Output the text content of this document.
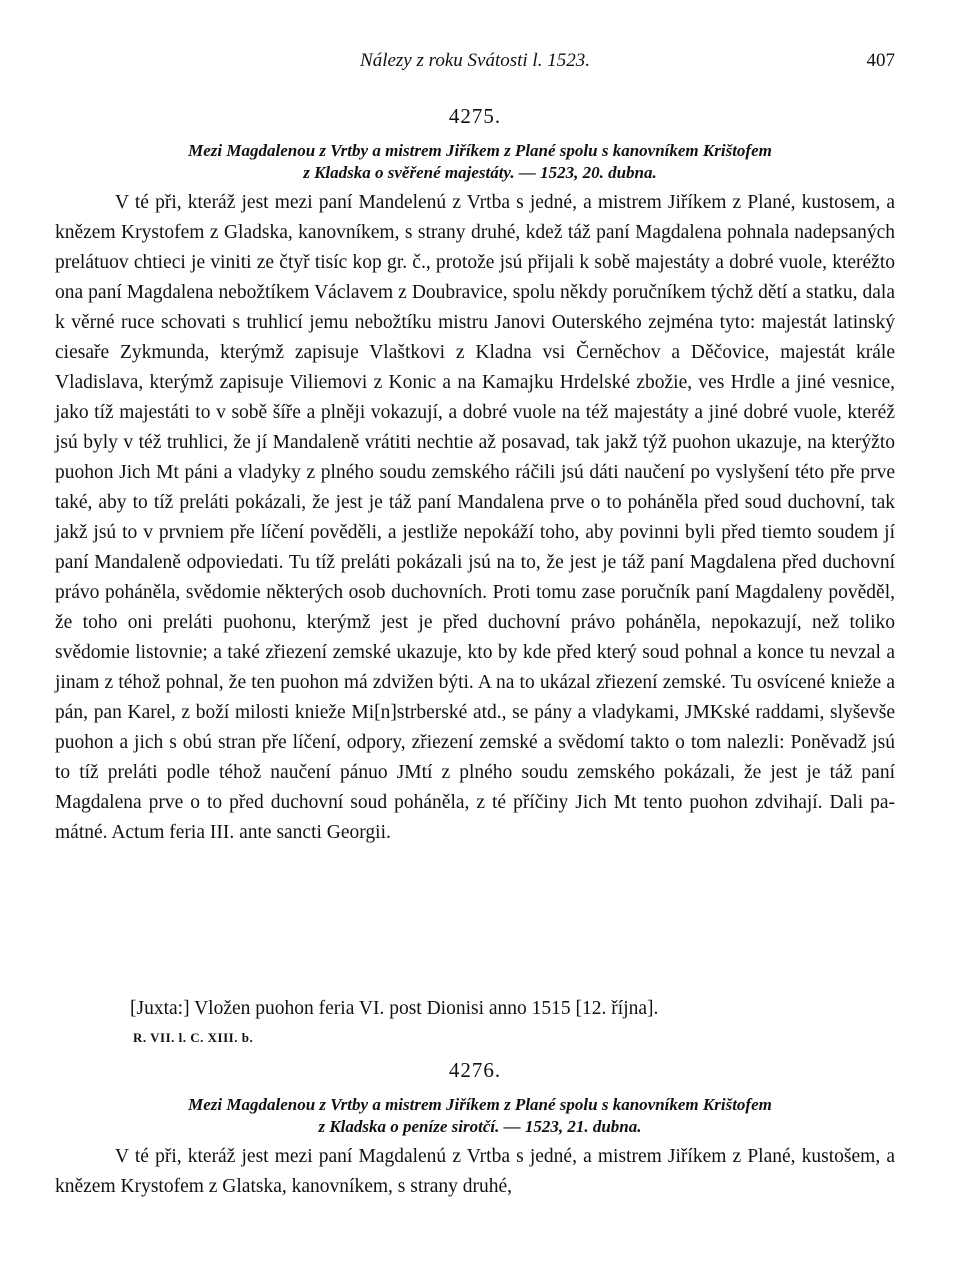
Nálezy z roku Svátosti l. 1523.	407
4275.
Mezi Magdalenou z Vrtby a mistrem Jiříkem z Plané spolu s kanovníkem Krištofem
z Kladska o svěřené majestáty. — 1523, 20. dubna.

V té při, kteráž jest mezi paní Mandelenú z Vrtba s jedné, a mistrem Jiříkem z Plané, kustosem, a knězem Krystofem z Gladska, kanovníkem, s strany druhé, kdež táž paní Magdalena pohnala nadepsaných prelátuov chtieci je viniti ze čtyř tisíc kop gr. č., protože jsú přijali k sobě majestáty a dobré vuole, kteréžto ona paní Magdalena nebožtíkem Václavem z Doubravice, spolu někdy poručníkem týchž dětí a statku, dala k věrné ruce schovati s truhlicí jemu nebožtíku mistru Janovi Outerského zejména tyto: majestát latinský ciesaře Zykmunda, kterýmž zapisuje Vlaštkovi z Kladna vsi Černěchov a Děčovice, majestát krále Vladislava, kterýmž zapisuje Viliemovi z Konic a na Kamajku Hrdelské zbožie, ves Hrdle a jiné vesnice, jako tíž majestáti to v sobě šíře a plněji vokazují, a dobré vuole na též majestáty a jiné dobré vuole, kteréž jsú byly v též truhlici, že jí Mandaleně vrátiti nechtie až posavad, tak jakž týž puohon ukazuje, na kterýžto puohon Jich Mt páni a vladyky z plného soudu zemského ráčili jsú dáti naučení po vyslyšení této pře prve také, aby to tíž preláti pokázali, že jest je táž paní Mandalena prve o to poháněla před soud duchovní, tak jakž jsú to v prvniem pře líčení pověděli, a jestliže nepokáží toho, aby povinni byli před tiemto soudem jí paní Mandaleně odpoviedati. Tu tíž preláti pokázali jsú na to, že jest je táž paní Magdalena před duchovní právo poháněla, svědomie některých osob duchovních. Proti tomu zase poručník paní Magdaleny pověděl, že toho oni preláti puohonu, kterýmž jest je před duchovní právo poháněla, nepokazují, než toliko svědomie listovnie; a také zřiezení zemské ukazuje, kto by kde před který soud pohnal a konce tu nevzal a jinam z téhož pohnal, že ten puohon má zdvižen býti. A na to ukázal zřiezení zemské. Tu osvícené knieže a pán, pan Karel, z boží milosti knieže Mi[n]strberské atd., se pány a vladykami, JMKské raddami, slyševše puohon a jich s obú stran pře líčení, odpory, zřiezení zemské a svědomí takto o tom nalezli: Poněvadž jsú to tíž preláti podle téhož naučení pánuo JMtí z plného soudu zemského pokázali, že jest je táž paní Magdalena prve o to před duchovní soud poháněla, z té příčiny Jich Mt tento puohon zdvihají. Dali památné. Actum feria III. ante sancti Georgii.

[Juxta:] Vložen puohon feria VI. post Dionisi anno 1515 [12. října].

R. VII. l. C. XIII. b.
4276.
Mezi Magdalenou z Vrtby a mistrem Jiříkem z Plané spolu s kanovníkem Krištofem
z Kladska o peníze sirotčí. — 1523, 21. dubna.

V té při, kteráž jest mezi paní Magdalenú z Vrtba s jedné, a mistrem Jiříkem z Plané, kustošem, a knězem Krystofem z Glatska, kanovníkem, s strany druhé,
